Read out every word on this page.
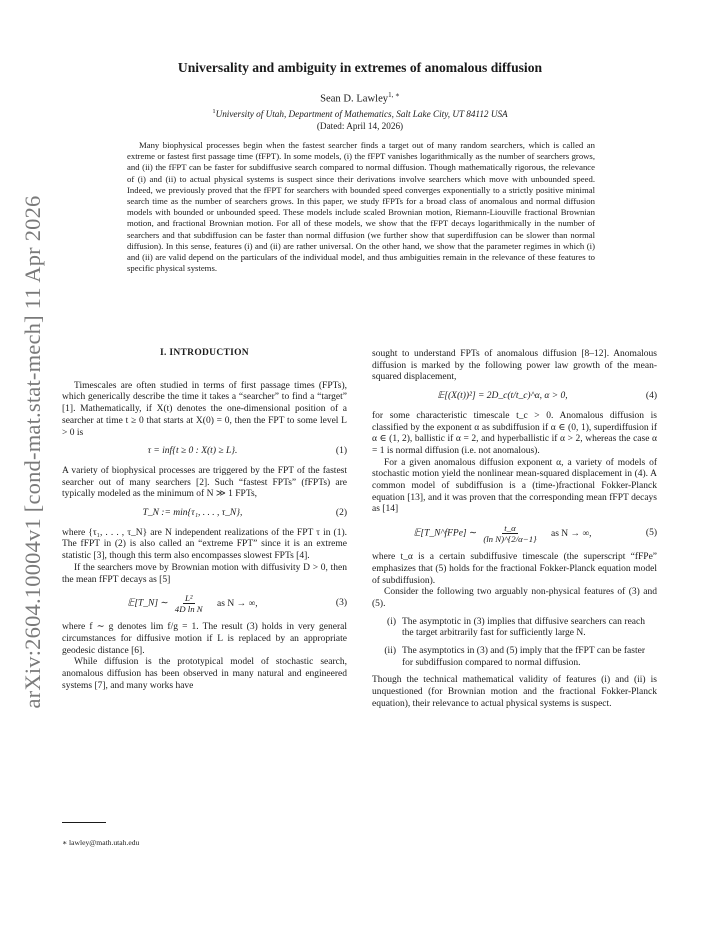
arXiv:2604.10004v1 [cond-mat.stat-mech] 11 Apr 2026
Universality and ambiguity in extremes of anomalous diffusion
Sean D. Lawley$^{1, ∗}$
$^1$University of Utah, Department of Mathematics, Salt Lake City, UT 84112 USA
(Dated: April 14, 2026)
Many biophysical processes begin when the fastest searcher finds a target out of many random searchers, which is called an extreme or fastest first passage time (fFPT). In some models, (i) the fFPT vanishes logarithmically as the number of searchers grows, and (ii) the fFPT can be faster for subdiffusive search compared to normal diffusion. Though mathematically rigorous, the relevance of (i) and (ii) to actual physical systems is suspect since their derivations involve searchers which move with unbounded speed. Indeed, we previously proved that the fFPT for searchers with bounded speed converges exponentially to a strictly positive minimal search time as the number of searchers grows. In this paper, we study fFPTs for a broad class of anomalous and normal diffusion models with bounded or unbounded speed. These models include scaled Brownian motion, Riemann-Liouville fractional Brownian motion, and fractional Brownian motion. For all of these models, we show that the fFPT decays logarithmically in the number of searchers and that subdiffusion can be faster than normal diffusion (we further show that superdiffusion can be slower than normal diffusion). In this sense, features (i) and (ii) are rather universal. On the other hand, we show that the parameter regimes in which (i) and (ii) are valid depend on the particulars of the individual model, and thus ambiguities remain in the relevance of these features to specific physical systems.
I. INTRODUCTION

Timescales are often studied in terms of first passage times (FPTs), which generically describe the time it takes a “searcher” to find a “target” [1]. Mathematically, if X(t) denotes the one-dimensional position of a searcher at time t ≥ 0 that starts at X(0) = 0, then the FPT to some level L > 0 is

τ = inf{t ≥ 0 : X(t) ≥ L}.	(1)

A variety of biophysical processes are triggered by the FPT of the fastest searcher out of many searchers [2]. Such “fastest FPTs” (fFPTs) are typically modeled as the minimum of N ≫ 1 FPTs,

T_N := min{τ₁, . . . , τ_N},	(2)

where {τ₁, . . . , τ_N} are N independent realizations of the FPT τ in (1). The fFPT in (2) is also called an “extreme FPT” since it is an extreme statistic [3], though this term also encompasses slowest FPTs [4].

If the searchers move by Brownian motion with diffusivity D > 0, then the mean fFPT decays as [5]

𝔼[T_N] ∼ $\frac{\text{L²}}{\text{4D ln N}}$ as N → ∞,	(3)

where f ∼ g denotes lim f/g = 1. The result (3) holds in very general circumstances for diffusive motion if L is replaced by an appropriate geodesic distance [6].

While diffusion is the prototypical model of stochastic search, anomalous diffusion has been observed in many natural and engineered systems [7], and many works have

sought to understand FPTs of anomalous diffusion [8–12]. Anomalous diffusion is marked by the following power law growth of the mean-squared displacement,

𝔼[(X(t))²] = 2D_c(t/t_c)^α, α > 0,	(4)

for some characteristic timescale t_c > 0. Anomalous diffusion is classified by the exponent α as subdiffusion if α ∈ (0, 1), superdiffusion if α ∈ (1, 2), ballistic if α = 2, and hyperballistic if α > 2, whereas the case α = 1 is normal diffusion (i.e. not anomalous).

For a given anomalous diffusion exponent α, a variety of models of stochastic motion yield the nonlinear mean-squared displacement in (4). A common model of subdiffusion is a (time-)fractional Fokker-Planck equation [13], and it was proven that the corresponding mean fFPT decays as [14]

𝔼[T_N^fFPe] ∼ $\frac{t\_\alpha}{\text{(ln N)\textasciicircum{}\{2/α−1\}}}$ as N → ∞,	(5)

where t_α is a certain subdiffusive timescale (the superscript “fFPe” emphasizes that (5) holds for the fractional Fokker-Planck equation model of subdiffusion).

Consider the following two arguably non-physical features of (3) and (5).

(i) The asymptotic in (3) implies that diffusive searchers can reach the target arbitrarily fast for sufficiently large N.
(ii) The asymptotics in (3) and (5) imply that the fFPT can be faster for subdiffusion compared to normal diffusion.

Though the technical mathematical validity of features (i) and (ii) is unquestioned (for Brownian motion and the fractional Fokker-Planck equation), their relevance to actual physical systems is suspect.

∗ lawley@math.utah.edu
